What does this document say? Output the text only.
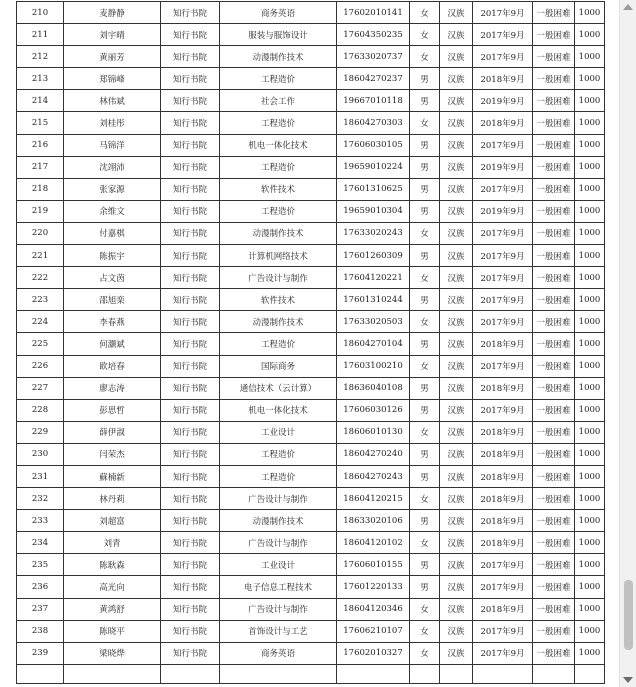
210	麦静静	知行书院	商务英语	17602010141	女	汉族	2017年9月	一般困难	1000
211	刘宇晴	知行书院	服装与服饰设计	17604350235	女	汉族	2017年9月	一般困难	1000
212	黄丽芳	知行书院	动漫制作技术	17633020737	女	汉族	2017年9月	一般困难	1000
213	郑锦峰	知行书院	工程造价	18604270237	男	汉族	2018年9月	一般困难	1000
214	林伟斌	知行书院	社会工作	19667010118	男	汉族	2019年9月	一般困难	1000
215	刘桂彤	知行书院	工程造价	18604270303	女	汉族	2018年9月	一般困难	1000
216	马锦洋	知行书院	机电一体化技术	17606030105	男	汉族	2017年9月	一般困难	1000
217	沈翊沛	知行书院	工程造价	19659010224	男	汉族	2019年9月	一般困难	1000
218	张家源	知行书院	软件技术	17601310625	男	汉族	2017年9月	一般困难	1000
219	余维文	知行书院	工程造价	19659010304	男	汉族	2019年9月	一般困难	1000
220	付嘉棋	知行书院	动漫制作技术	17633020243	女	汉族	2017年9月	一般困难	1000
221	陈振宇	知行书院	计算机网络技术	17601260309	男	汉族	2017年9月	一般困难	1000
222	占文茵	知行书院	广告设计与制作	17604120221	女	汉族	2017年9月	一般困难	1000
223	邵旭栾	知行书院	软件技术	17601310244	男	汉族	2017年9月	一般困难	1000
224	李春燕	知行书院	动漫制作技术	17633020503	女	汉族	2017年9月	一般困难	1000
225	何灏斌	知行书院	工程造价	18604270104	男	汉族	2018年9月	一般困难	1000
226	欧培春	知行书院	国际商务	17603100210	女	汉族	2017年9月	一般困难	1000
227	廖志涛	知行书院	通信技术（云计算）	18636040108	男	汉族	2018年9月	一般困难	1000
228	彭思哲	知行书院	机电一体化技术	17606030126	男	汉族	2017年9月	一般困难	1000
229	薛伊淑	知行书院	工业设计	18606010130	女	汉族	2018年9月	一般困难	1000
230	闫荣杰	知行书院	工程造价	18604270240	男	汉族	2018年9月	一般困难	1000
231	蘇楠新	知行书院	工程造价	18604270243	男	汉族	2018年9月	一般困难	1000
232	林丹莉	知行书院	广告设计与制作	18604120215	女	汉族	2018年9月	一般困难	1000
233	刘超富	知行书院	动漫制作技术	18633020106	男	汉族	2018年9月	一般困难	1000
234	刘青	知行书院	广告设计与制作	18604120102	女	汉族	2018年9月	一般困难	1000
235	陈耿森	知行书院	工业设计	17606010155	男	汉族	2017年9月	一般困难	1000
236	高光向	知行书院	电子信息工程技术	17601220133	男	汉族	2017年9月	一般困难	1000
237	黄鸿舒	知行书院	广告设计与制作	18604120346	女	汉族	2018年9月	一般困难	1000
238	陈晓平	知行书院	首饰设计与工艺	17606210107	女	汉族	2017年9月	一般困难	1000
239	梁晓烨	知行书院	商务英语	17602010327	女	汉族	2017年9月	一般困难	1000
